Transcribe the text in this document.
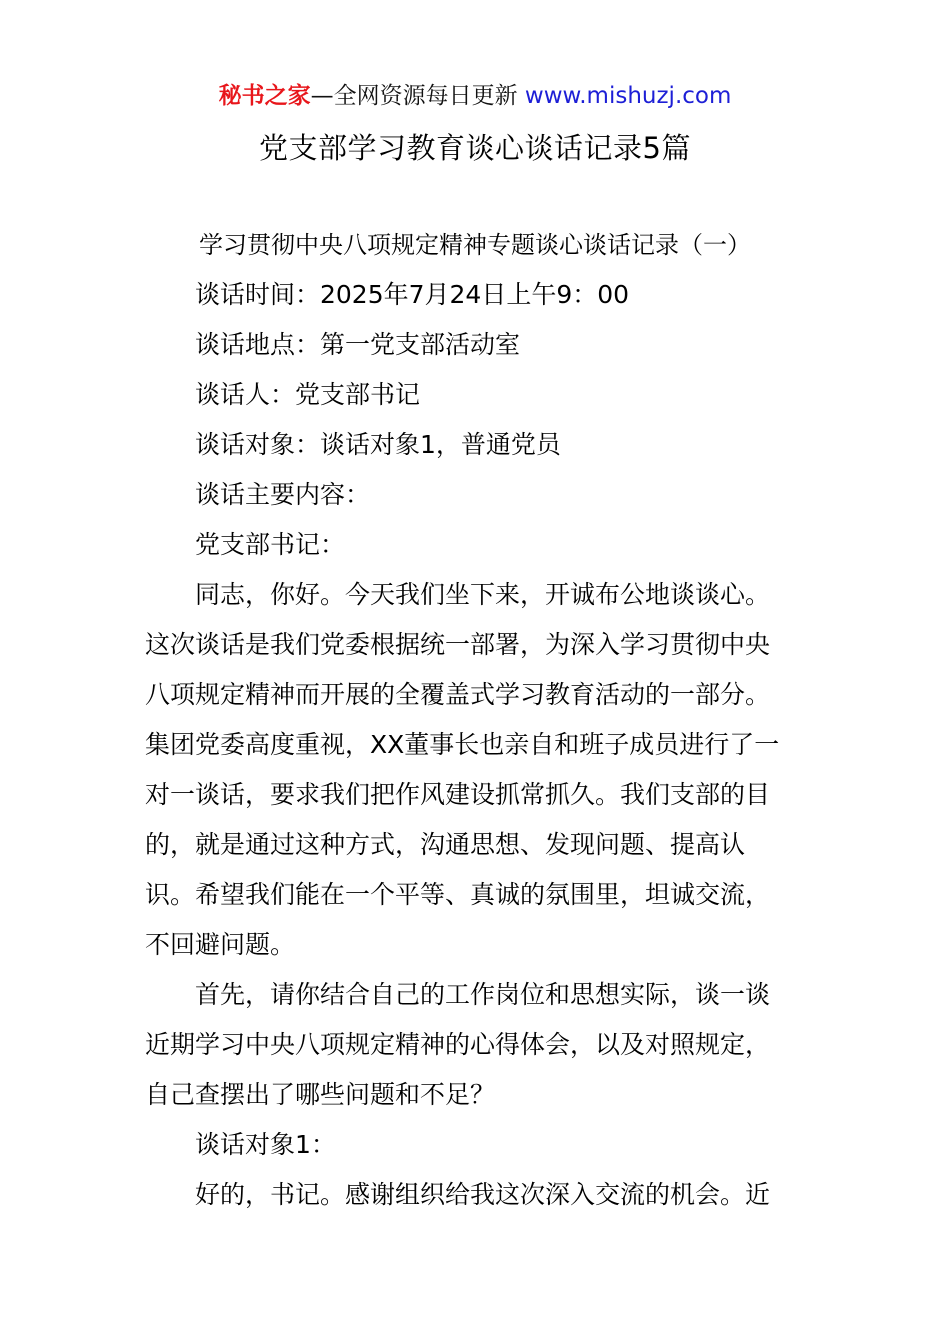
秘书之家—全网资源每日更新 www.mishuzj.com
党支部学习教育谈心谈话记录5篇
学习贯彻中央八项规定精神专题谈心谈话记录（一）
谈话时间：2025年7月24日上午9：00
谈话地点：第一党支部活动室
谈话人：党支部书记
谈话对象：谈话对象1，普通党员
谈话主要内容：
党支部书记：
同志，你好。今天我们坐下来，开诚布公地谈谈心。
这次谈话是我们党委根据统一部署，为深入学习贯彻中央
八项规定精神而开展的全覆盖式学习教育活动的一部分。
集团党委高度重视，XX董事长也亲自和班子成员进行了一
对一谈话，要求我们把作风建设抓常抓久。我们支部的目
的，就是通过这种方式，沟通思想、发现问题、提高认
识。希望我们能在一个平等、真诚的氛围里，坦诚交流，
不回避问题。
首先，请你结合自己的工作岗位和思想实际，谈一谈
近期学习中央八项规定精神的心得体会，以及对照规定，
自己查摆出了哪些问题和不足？
谈话对象1：
好的，书记。感谢组织给我这次深入交流的机会。近
